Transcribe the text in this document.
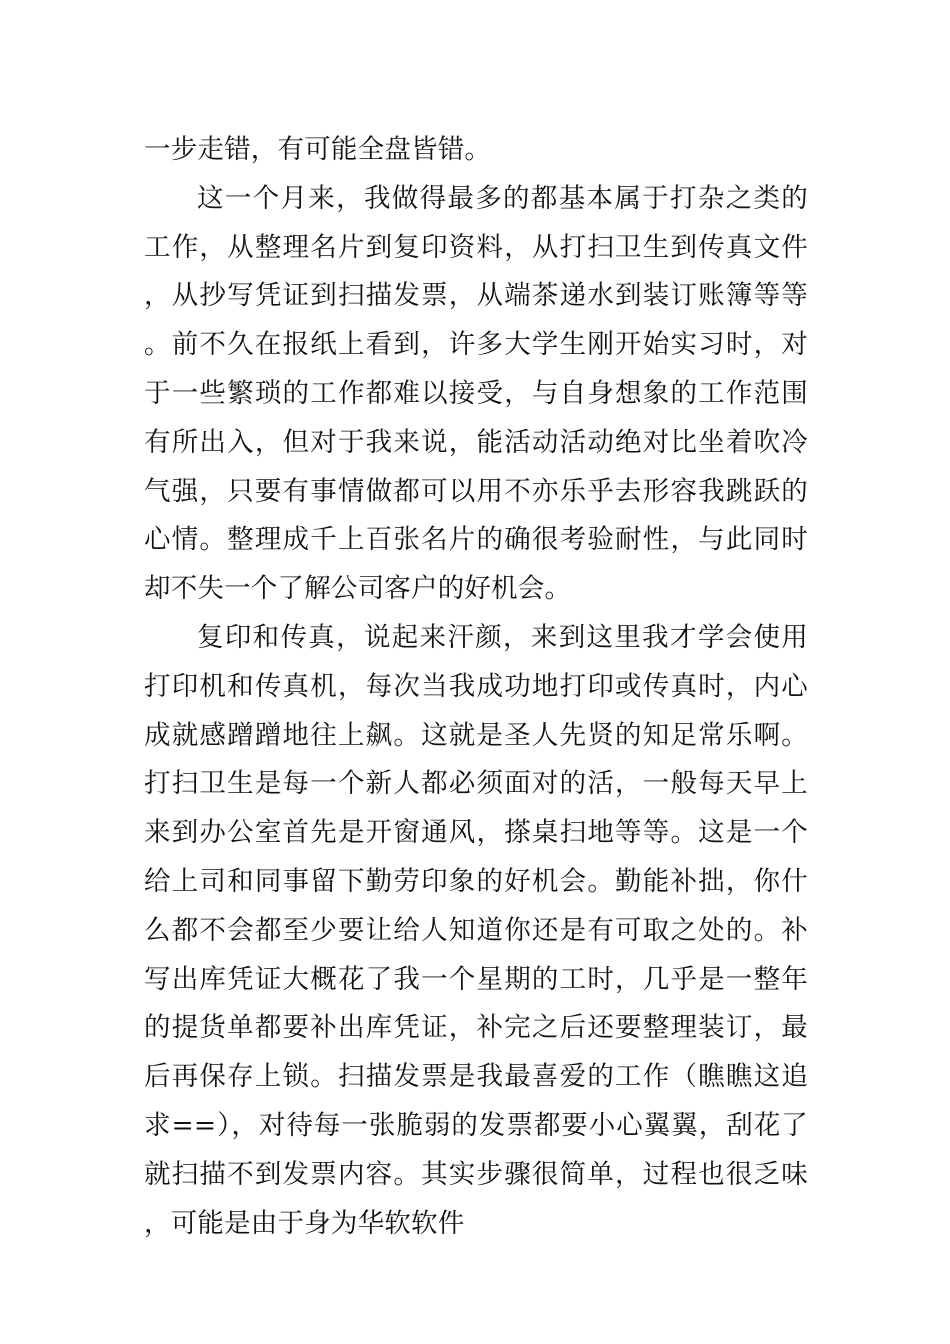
一步走错，有可能全盘皆错。

这一个月来，我做得最多的都基本属于打杂之类的工作，从整理名片到复印资料，从打扫卫生到传真文件，从抄写凭证到扫描发票，从端茶递水到装订账簿等等。前不久在报纸上看到，许多大学生刚开始实习时，对于一些繁琐的工作都难以接受，与自身想象的工作范围有所出入，但对于我来说，能活动活动绝对比坐着吹冷气强，只要有事情做都可以用不亦乐乎去形容我跳跃的心情。整理成千上百张名片的确很考验耐性，与此同时却不失一个了解公司客户的好机会。

复印和传真，说起来汗颜，来到这里我才学会使用打印机和传真机，每次当我成功地打印或传真时，内心成就感蹭蹭地往上飙。这就是圣人先贤的知足常乐啊。打扫卫生是每一个新人都必须面对的活，一般每天早上来到办公室首先是开窗通风，搽桌扫地等等。这是一个给上司和同事留下勤劳印象的好机会。勤能补拙，你什么都不会都至少要让给人知道你还是有可取之处的。补写出库凭证大概花了我一个星期的工时，几乎是一整年的提货单都要补出库凭证，补完之后还要整理装订，最后再保存上锁。扫描发票是我最喜爱的工作（瞧瞧这追求==），对待每一张脆弱的发票都要小心翼翼，刮花了就扫描不到发票内容。其实步骤很简单，过程也很乏味，可能是由于身为华软软件
